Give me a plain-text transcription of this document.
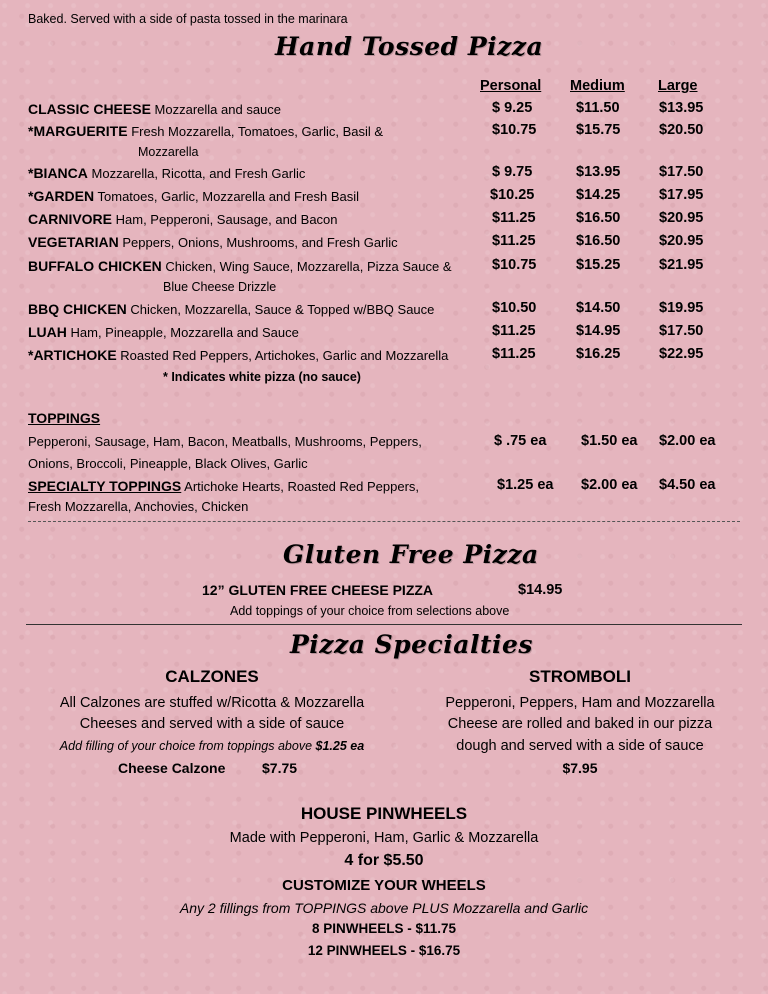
Baked. Served with a side of pasta tossed in the marinara
Hand Tossed Pizza
Personal Medium Large
CLASSIC CHEESE Mozzarella and sauce	$ 9.25	$11.50	$13.95
*MARGUERITE Fresh Mozzarella, Tomatoes, Garlic, Basil &
Mozzarella
$10.75	$15.75	$20.50
*BIANCA Mozzarella, Ricotta, and Fresh Garlic	$ 9.75	$13.95	$17.50
*GARDEN Tomatoes, Garlic, Mozzarella and Fresh Basil	$10.25	$14.25	$17.95
CARNIVORE Ham, Pepperoni, Sausage, and Bacon	$11.25	$16.50	$20.95
VEGETARIAN Peppers, Onions, Mushrooms, and Fresh Garlic	$11.25	$16.50	$20.95
BUFFALO CHICKEN Chicken, Wing Sauce, Mozzarella, Pizza Sauce &
Blue Cheese Drizzle
$10.75	$15.25	$21.95
BBQ CHICKEN Chicken, Mozzarella, Sauce & Topped w/BBQ Sauce	$10.50	$14.50	$19.95
LUAH Ham, Pineapple, Mozzarella and Sauce	$11.25	$14.95	$17.50
*ARTICHOKE Roasted Red Peppers, Artichokes, Garlic and Mozzarella	$11.25	$16.25	$22.95
* Indicates white pizza (no sauce)
TOPPINGS
Pepperoni, Sausage, Ham, Bacon, Meatballs, Mushrooms, Peppers,
Onions, Broccoli, Pineapple, Black Olives, Garlic
$ .75 ea $1.50 ea $2.00 ea
SPECIALTY TOPPINGS Artichoke Hearts, Roasted Red Peppers,
Fresh Mozzarella, Anchovies, Chicken
$1.25 ea $2.00 ea $4.50 ea
Gluten Free Pizza
12” GLUTEN FREE CHEESE PIZZA	$14.95
Add toppings of your choice from selections above
Pizza Specialties
CALZONES
All Calzones are stuffed w/Ricotta & Mozzarella
Cheeses and served with a side of sauce
Add filling of your choice from toppings above $1.25 ea
Cheese Calzone	$7.75
STROMBOLI
Pepperoni, Peppers, Ham and Mozzarella
Cheese are rolled and baked in our pizza
dough and served with a side of sauce
$7.95
HOUSE PINWHEELS
Made with Pepperoni, Ham, Garlic & Mozzarella
4 for $5.50
CUSTOMIZE YOUR WHEELS
Any 2 fillings from TOPPINGS above PLUS Mozzarella and Garlic
8 PINWHEELS - $11.75
12 PINWHEELS - $16.75
